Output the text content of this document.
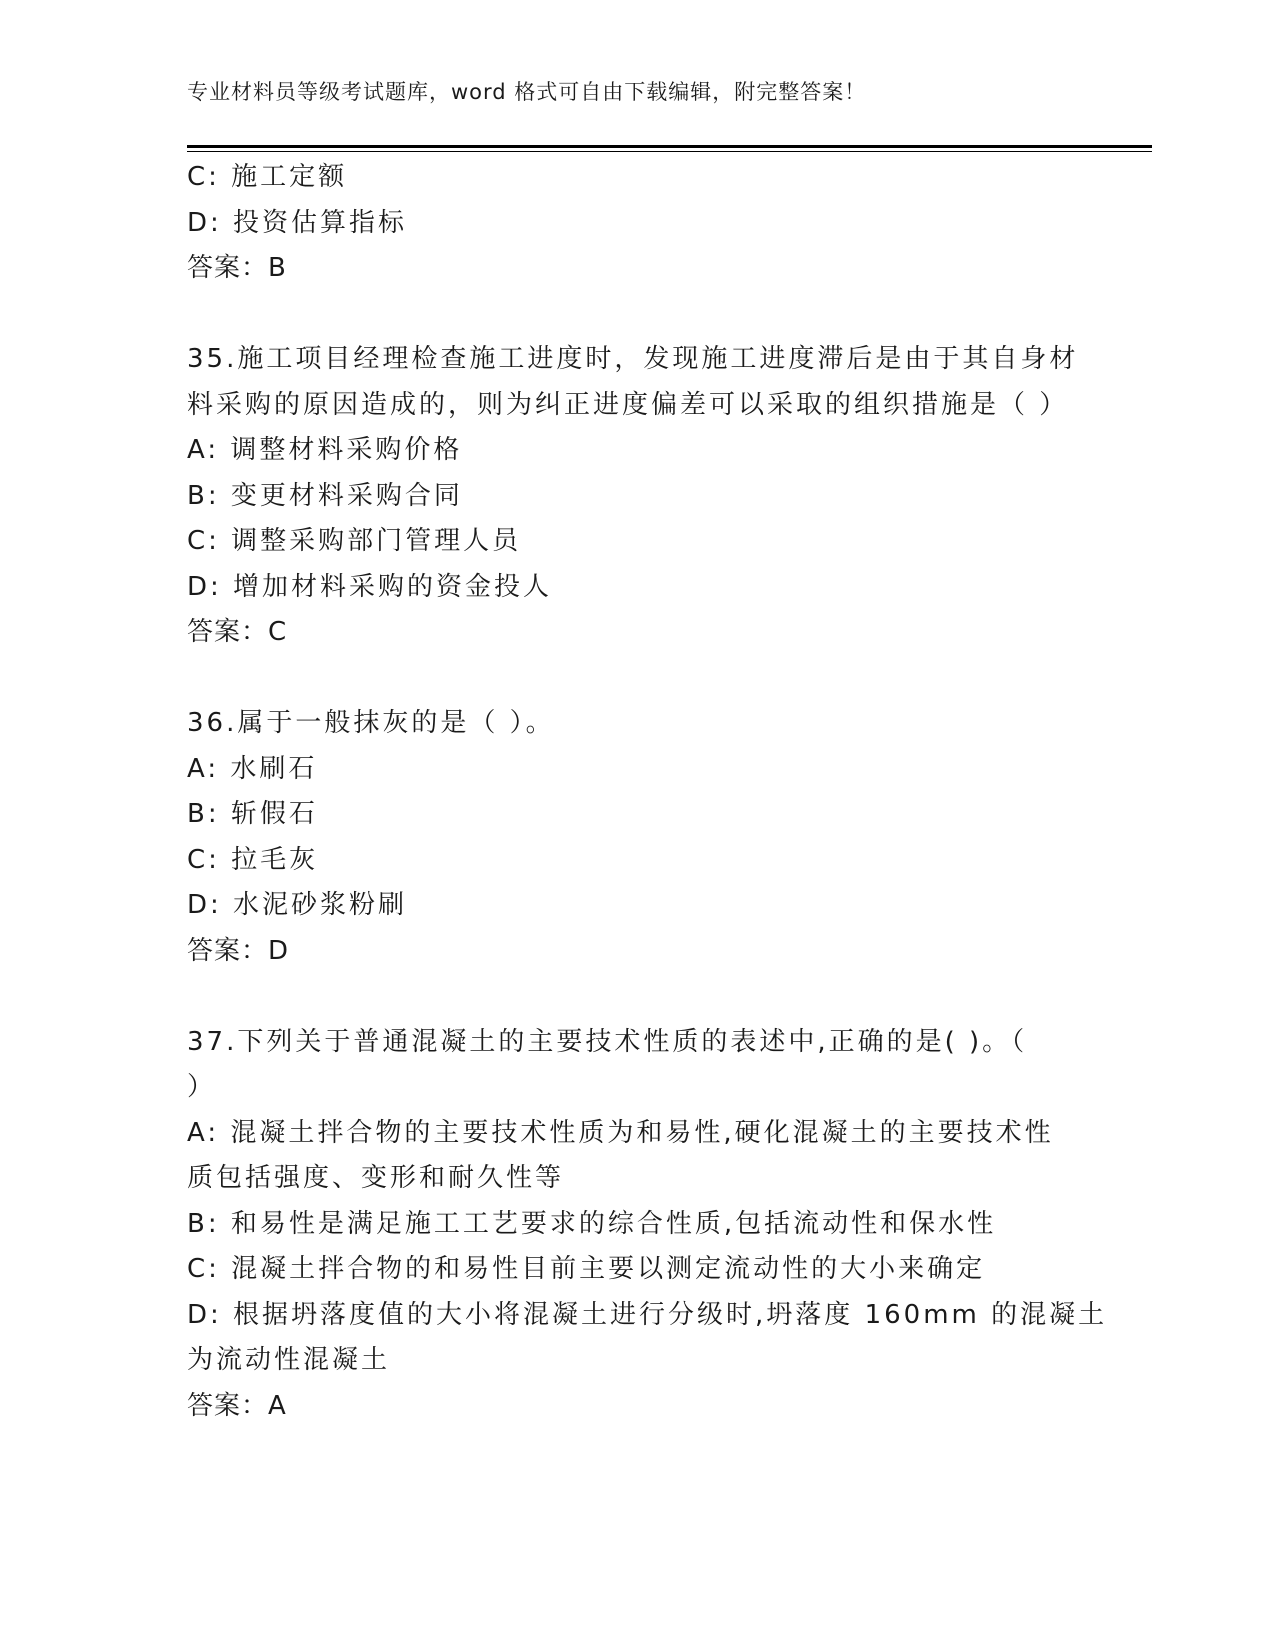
专业材料员等级考试题库，word 格式可自由下载编辑，附完整答案！
C: 施工定额
D: 投资估算指标
答案：B
35.施工项目经理检查施工进度时，发现施工进度滞后是由于其自身材
料采购的原因造成的，则为纠正进度偏差可以采取的组织措施是（ ）
A: 调整材料采购价格
B: 变更材料采购合同
C: 调整采购部门管理人员
D: 增加材料采购的资金投人
答案：C
36.属于一般抹灰的是（ ）。
A: 水刷石
B: 斩假石
C: 拉毛灰
D: 水泥砂浆粉刷
答案：D
37.下列关于普通混凝土的主要技术性质的表述中,正确的是( )。（
）
A: 混凝土拌合物的主要技术性质为和易性,硬化混凝土的主要技术性
质包括强度、变形和耐久性等
B: 和易性是满足施工工艺要求的综合性质,包括流动性和保水性
C: 混凝土拌合物的和易性目前主要以测定流动性的大小来确定
D: 根据坍落度值的大小将混凝土进行分级时,坍落度 160mm 的混凝土
为流动性混凝土
答案：A
